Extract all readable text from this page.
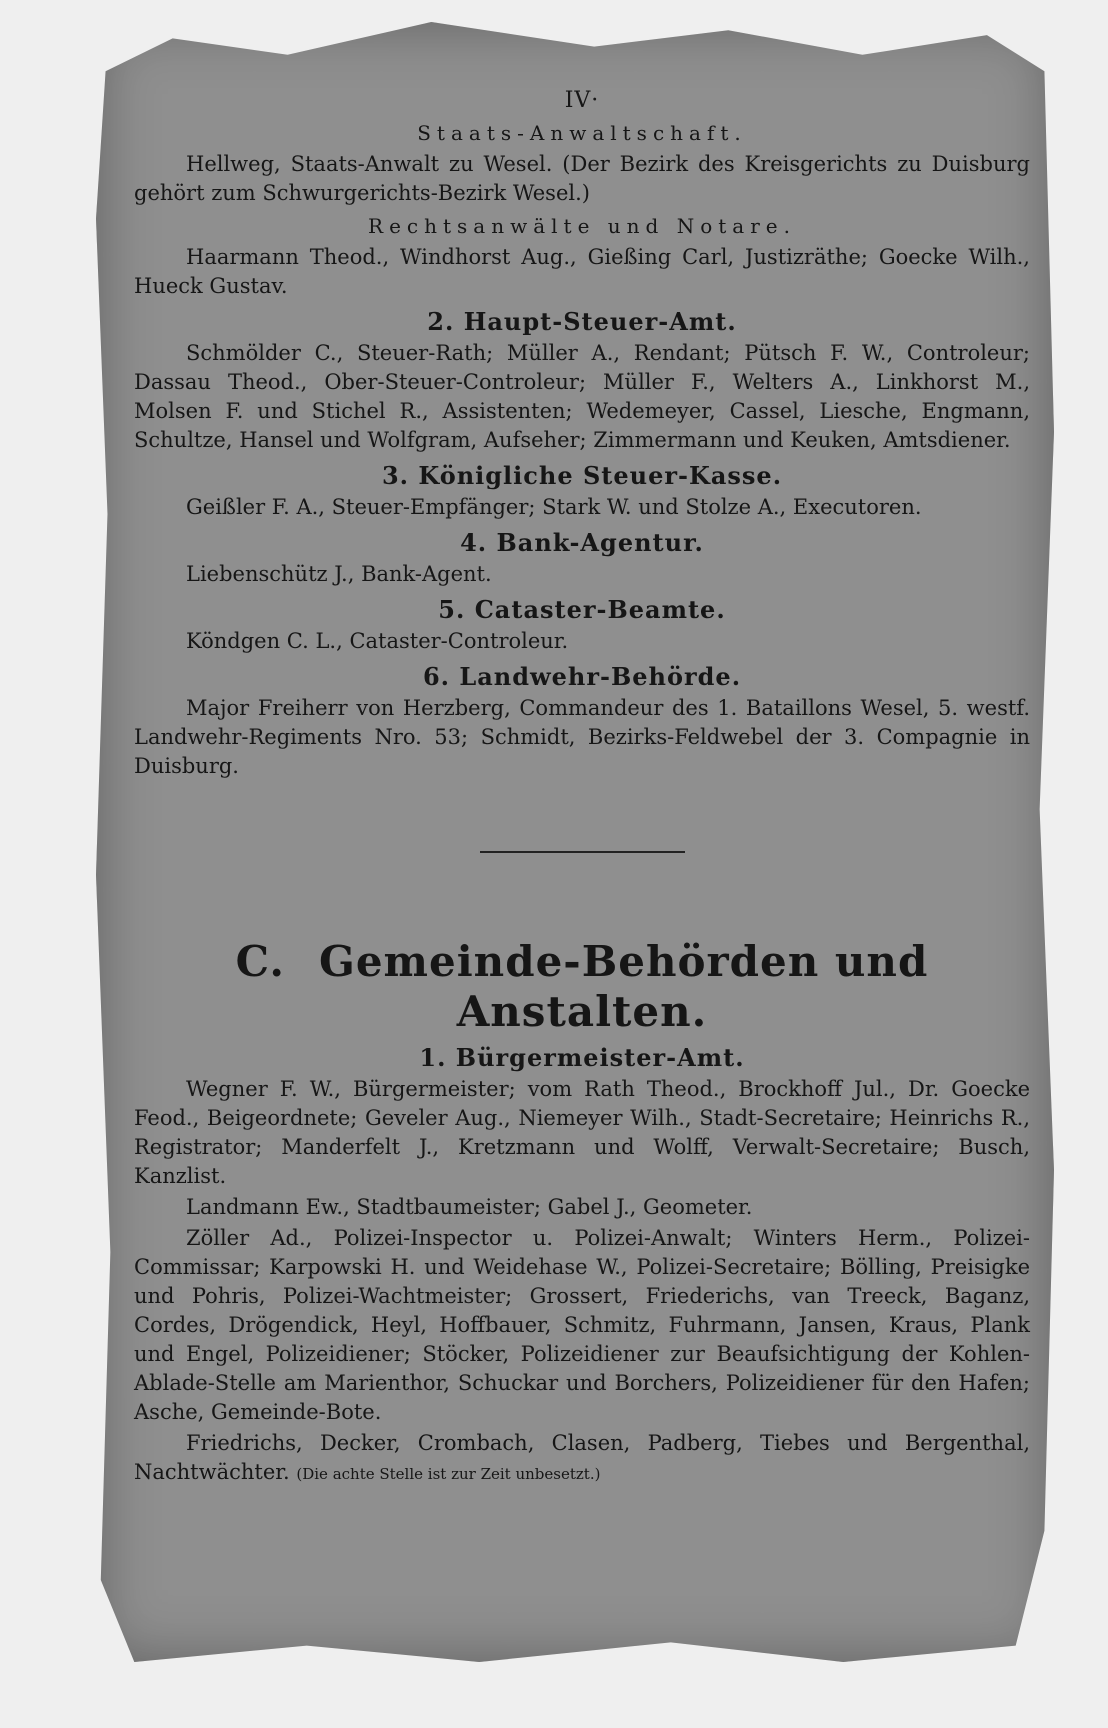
IV·
Staats-Anwaltschaft.

Hellweg, Staats-Anwalt zu Wesel. (Der Bezirk des Kreisgerichts zu Duisburg gehört zum Schwurgerichts-Bezirk Wesel.)

Rechtsanwälte und Notare.

Haarmann Theod., Windhorst Aug., Gießing Carl, Justizräthe; Goecke Wilh., Hueck Gustav.

2. Haupt-Steuer-Amt.

Schmölder C., Steuer-Rath; Müller A., Rendant; Pütsch F. W., Controleur; Dassau Theod., Ober-Steuer-Controleur; Müller F., Welters A., Linkhorst M., Molsen F. und Stichel R., Assistenten; Wedemeyer, Cassel, Liesche, Engmann, Schultze, Hansel und Wolfgram, Aufseher; Zimmermann und Keuken, Amtsdiener.

3. Königliche Steuer-Kasse.

Geißler F. A., Steuer-Empfänger; Stark W. und Stolze A., Executoren.

4. Bank-Agentur.

Liebenschütz J., Bank-Agent.

5. Cataster-Beamte.

Köndgen C. L., Cataster-Controleur.

6. Landwehr-Behörde.

Major Freiherr von Herzberg, Commandeur des 1. Bataillons Wesel, 5. westf. Landwehr-Regiments Nro. 53; Schmidt, Bezirks-Feldwebel der 3. Compagnie in Duisburg.

C. Gemeinde-Behörden und Anstalten.
1. Bürgermeister-Amt.

Wegner F. W., Bürgermeister; vom Rath Theod., Brockhoff Jul., Dr. Goecke Feod., Beigeordnete; Geveler Aug., Niemeyer Wilh., Stadt-Secretaire; Heinrichs R., Registrator; Manderfelt J., Kretzmann und Wolff, Verwalt-Secretaire; Busch, Kanzlist.

Landmann Ew., Stadtbaumeister; Gabel J., Geometer.

Zöller Ad., Polizei-Inspector u. Polizei-Anwalt; Winters Herm., Polizei-Commissar; Karpowski H. und Weidehase W., Polizei-Secretaire; Bölling, Preisigke und Pohris, Polizei-Wachtmeister; Grossert, Friederichs, van Treeck, Baganz, Cordes, Drögendick, Heyl, Hoffbauer, Schmitz, Fuhrmann, Jansen, Kraus, Plank und Engel, Polizeidiener; Stöcker, Polizeidiener zur Beaufsichtigung der Kohlen-Ablade-Stelle am Marienthor, Schuckar und Borchers, Polizeidiener für den Hafen; Asche, Gemeinde-Bote.

Friedrichs, Decker, Crombach, Clasen, Padberg, Tiebes und Bergenthal, Nachtwächter. (Die achte Stelle ist zur Zeit unbesetzt.)
